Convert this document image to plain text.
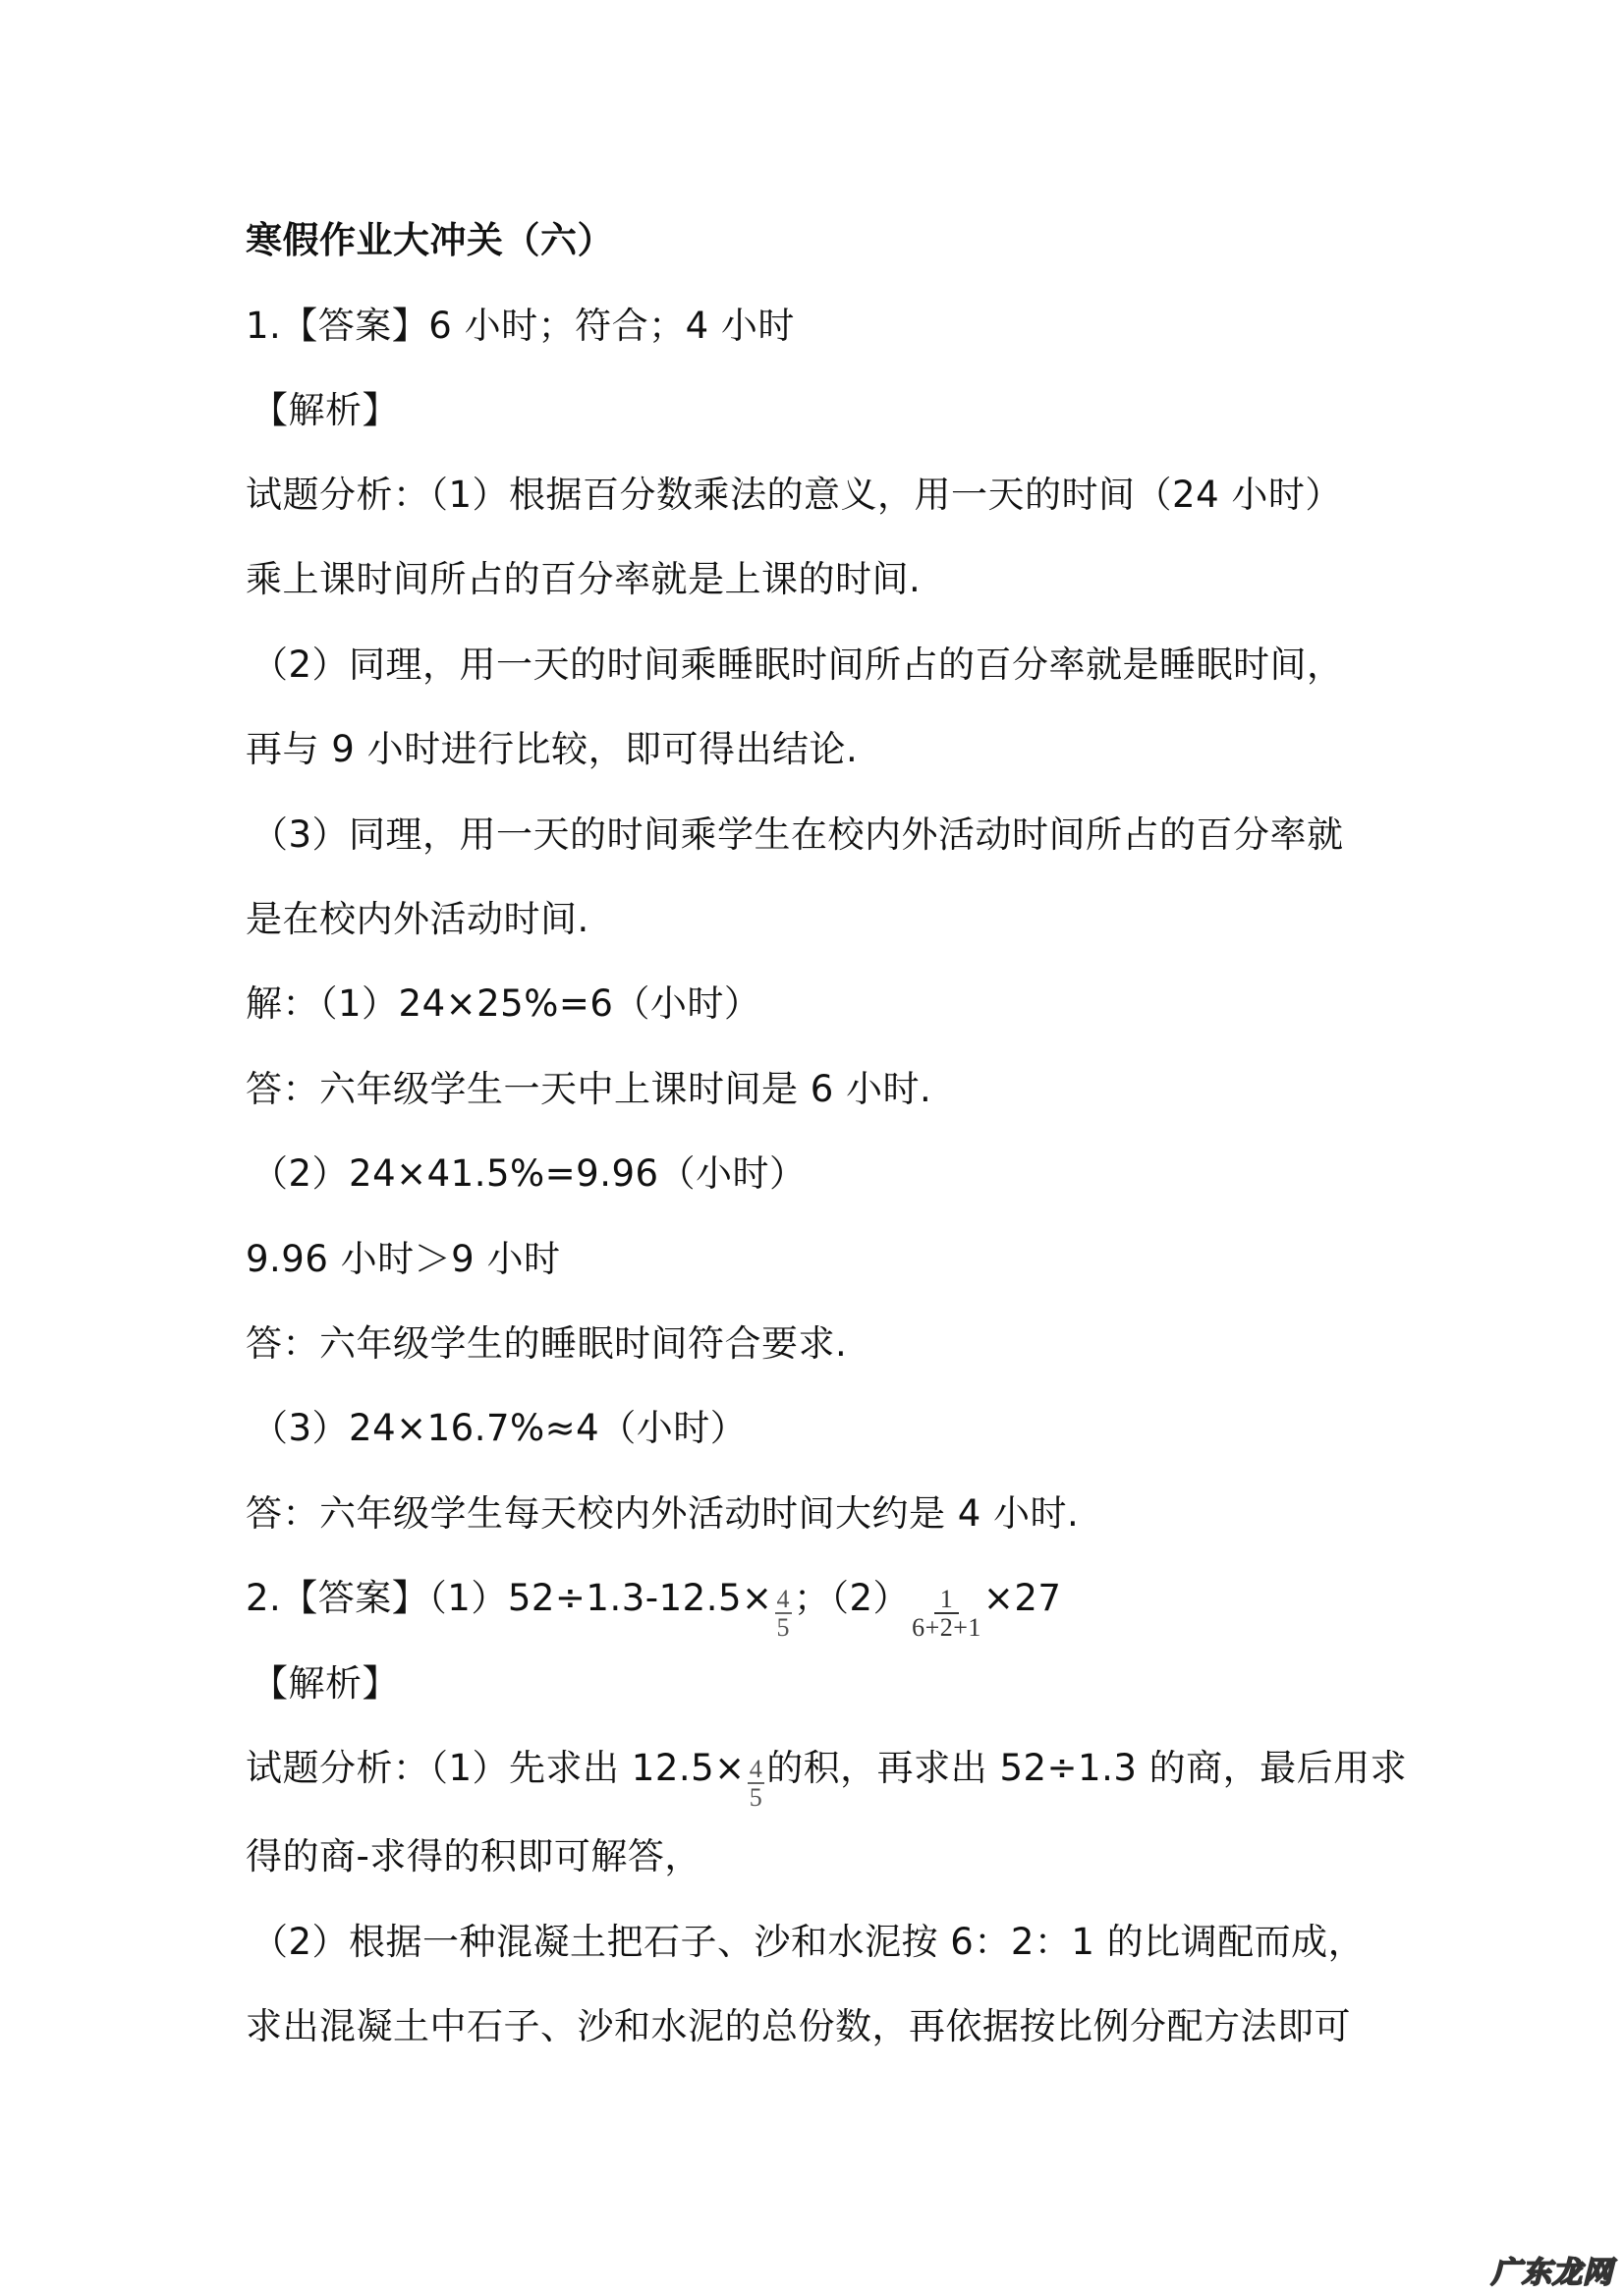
寒假作业大冲关（六）
1.【答案】6 小时；符合；4 小时
【解析】
试题分析：（1）根据百分数乘法的意义，用一天的时间（24 小时）
乘上课时间所占的百分率就是上课的时间.
（2）同理，用一天的时间乘睡眠时间所占的百分率就是睡眠时间，
再与 9 小时进行比较，即可得出结论.
（3）同理，用一天的时间乘学生在校内外活动时间所占的百分率就
是在校内外活动时间.
解：（1）24×25%=6（小时）
答：六年级学生一天中上课时间是 6 小时.
（2）24×41.5%=9.96（小时）
9.96 小时＞9 小时
答：六年级学生的睡眠时间符合要求.
（3）24×16.7%≈4（小时）
答：六年级学生每天校内外活动时间大约是 4 小时.
2.【答案】$(1)52\div 1.3-12.5\times \frac{4}{5}$ ；$(2) \frac{1}{6+2+1} \times 27$
【解析】
试题分析：（1）先求出 $12.5\times \frac{4}{5}$ 的积，再求出 52÷1.3 的商，最后用求
得的商-求得的积即可解答，
（2）根据一种混凝土把石子、沙和水泥按 6：2：1 的比调配而成，
求出混凝土中石子、沙和水泥的总份数，再依据按比例分配方法即可
广东龙网
